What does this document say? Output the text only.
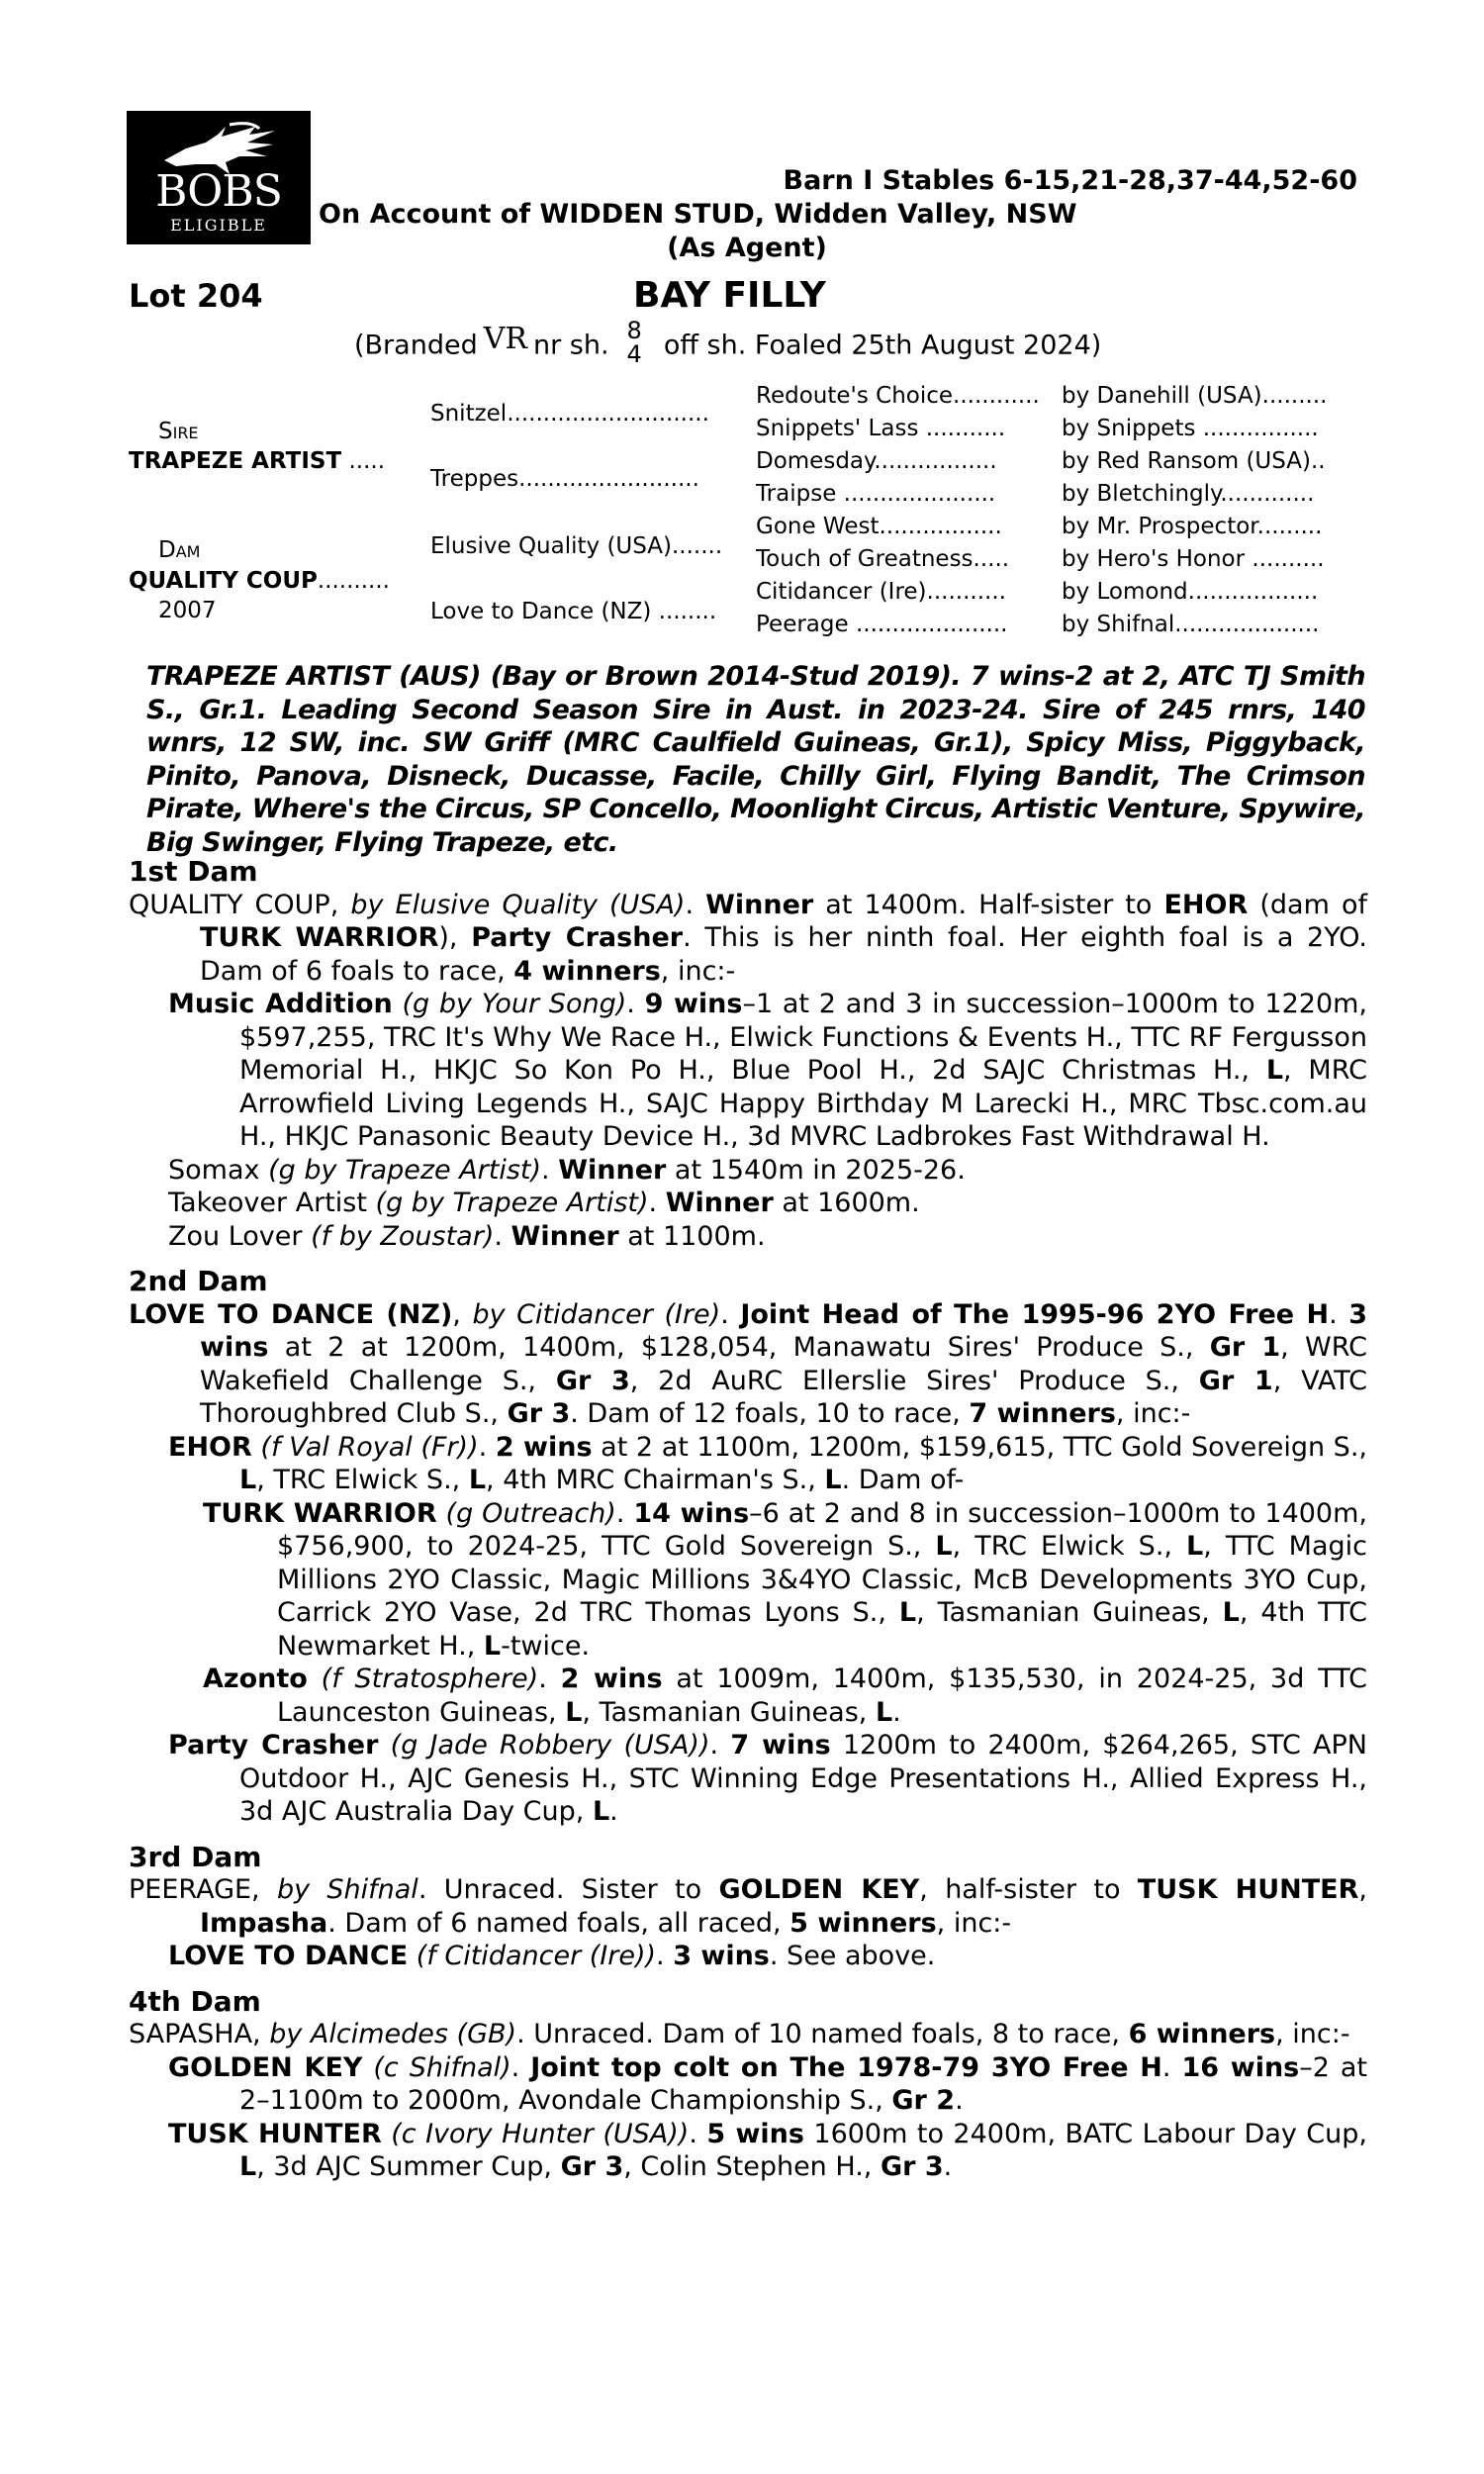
BOBS
ELIGIBLE
Barn I Stables 6-15,21-28,37-44,52-60
On Account of WIDDEN STUD, Widden Valley, NSW
(As Agent)
Lot 204	BAY FILLY
(Branded VR nr sh. 8
4 off sh. Foaled 25th August 2024)
Sire
TRAPEZE ARTIST .....
Dam
QUALITY COUP..........
2007
Snitzel............................
Treppes.........................
Elusive Quality (USA).......
Love to Dance (NZ) ........
Redoute's Choice............
Snippets' Lass ...........
Domesday.................
Traipse .....................
Gone West.................
Touch of Greatness.....
Citidancer (Ire)...........
Peerage .....................
by Danehill (USA).........
by Snippets ................
by Red Ransom (USA)..
by Bletchingly.............
by Mr. Prospector.........
by Hero's Honor ..........
by Lomond..................
by Shifnal....................
TRAPEZE ARTIST (AUS) (Bay or Brown 2014-Stud 2019). 7 wins-2 at 2, ATC TJ Smith S., Gr.1. Leading Second Season Sire in Aust. in 2023-24. Sire of 245 rnrs, 140 wnrs, 12 SW, inc. SW Griff (MRC Caulfield Guineas, Gr.1), Spicy Miss, Piggyback, Pinito, Panova, Disneck, Ducasse, Facile, Chilly Girl, Flying Bandit, The Crimson Pirate, Where's the Circus, SP Concello, Moonlight Circus, Artistic Venture, Spywire, Big Swinger, Flying Trapeze, etc.
1st Dam
QUALITY COUP, by Elusive Quality (USA). Winner at 1400m. Half-sister to EHOR (dam of TURK WARRIOR), Party Crasher. This is her ninth foal. Her eighth foal is a 2YO. Dam of 6 foals to race, 4 winners, inc:-
Music Addition (g by Your Song). 9 wins–1 at 2 and 3 in succession–1000m to 1220m, $597,255, TRC It's Why We Race H., Elwick Functions & Events H., TTC RF Fergusson Memorial H., HKJC So Kon Po H., Blue Pool H., 2d SAJC Christmas H., L, MRC Arrowfield Living Legends H., SAJC Happy Birthday M Larecki H., MRC Tbsc.com.au H., HKJC Panasonic Beauty Device H., 3d MVRC Ladbrokes Fast Withdrawal H.
Somax (g by Trapeze Artist). Winner at 1540m in 2025-26.
Takeover Artist (g by Trapeze Artist). Winner at 1600m.
Zou Lover (f by Zoustar). Winner at 1100m.
2nd Dam
LOVE TO DANCE (NZ), by Citidancer (Ire). Joint Head of The 1995-96 2YO Free H. 3 wins at 2 at 1200m, 1400m, $128,054, Manawatu Sires' Produce S., Gr 1, WRC Wakefield Challenge S., Gr 3, 2d AuRC Ellerslie Sires' Produce S., Gr 1, VATC Thoroughbred Club S., Gr 3. Dam of 12 foals, 10 to race, 7 winners, inc:-
EHOR (f Val Royal (Fr)). 2 wins at 2 at 1100m, 1200m, $159,615, TTC Gold Sovereign S., L, TRC Elwick S., L, 4th MRC Chairman's S., L. Dam of-
TURK WARRIOR (g Outreach). 14 wins–6 at 2 and 8 in succession–1000m to 1400m, $756,900, to 2024-25, TTC Gold Sovereign S., L, TRC Elwick S., L, TTC Magic Millions 2YO Classic, Magic Millions 3&4YO Classic, McB Developments 3YO Cup, Carrick 2YO Vase, 2d TRC Thomas Lyons S., L, Tasmanian Guineas, L, 4th TTC Newmarket H., L-twice.
Azonto (f Stratosphere). 2 wins at 1009m, 1400m, $135,530, in 2024-25, 3d TTC Launceston Guineas, L, Tasmanian Guineas, L.
Party Crasher (g Jade Robbery (USA)). 7 wins 1200m to 2400m, $264,265, STC APN Outdoor H., AJC Genesis H., STC Winning Edge Presentations H., Allied Express H., 3d AJC Australia Day Cup, L.
3rd Dam
PEERAGE, by Shifnal. Unraced. Sister to GOLDEN KEY, half-sister to TUSK HUNTER, Impasha. Dam of 6 named foals, all raced, 5 winners, inc:-
LOVE TO DANCE (f Citidancer (Ire)). 3 wins. See above.
4th Dam
SAPASHA, by Alcimedes (GB). Unraced. Dam of 10 named foals, 8 to race, 6 winners, inc:-
GOLDEN KEY (c Shifnal). Joint top colt on The 1978-79 3YO Free H. 16 wins–2 at 2–1100m to 2000m, Avondale Championship S., Gr 2.
TUSK HUNTER (c Ivory Hunter (USA)). 5 wins 1600m to 2400m, BATC Labour Day Cup, L, 3d AJC Summer Cup, Gr 3, Colin Stephen H., Gr 3.
